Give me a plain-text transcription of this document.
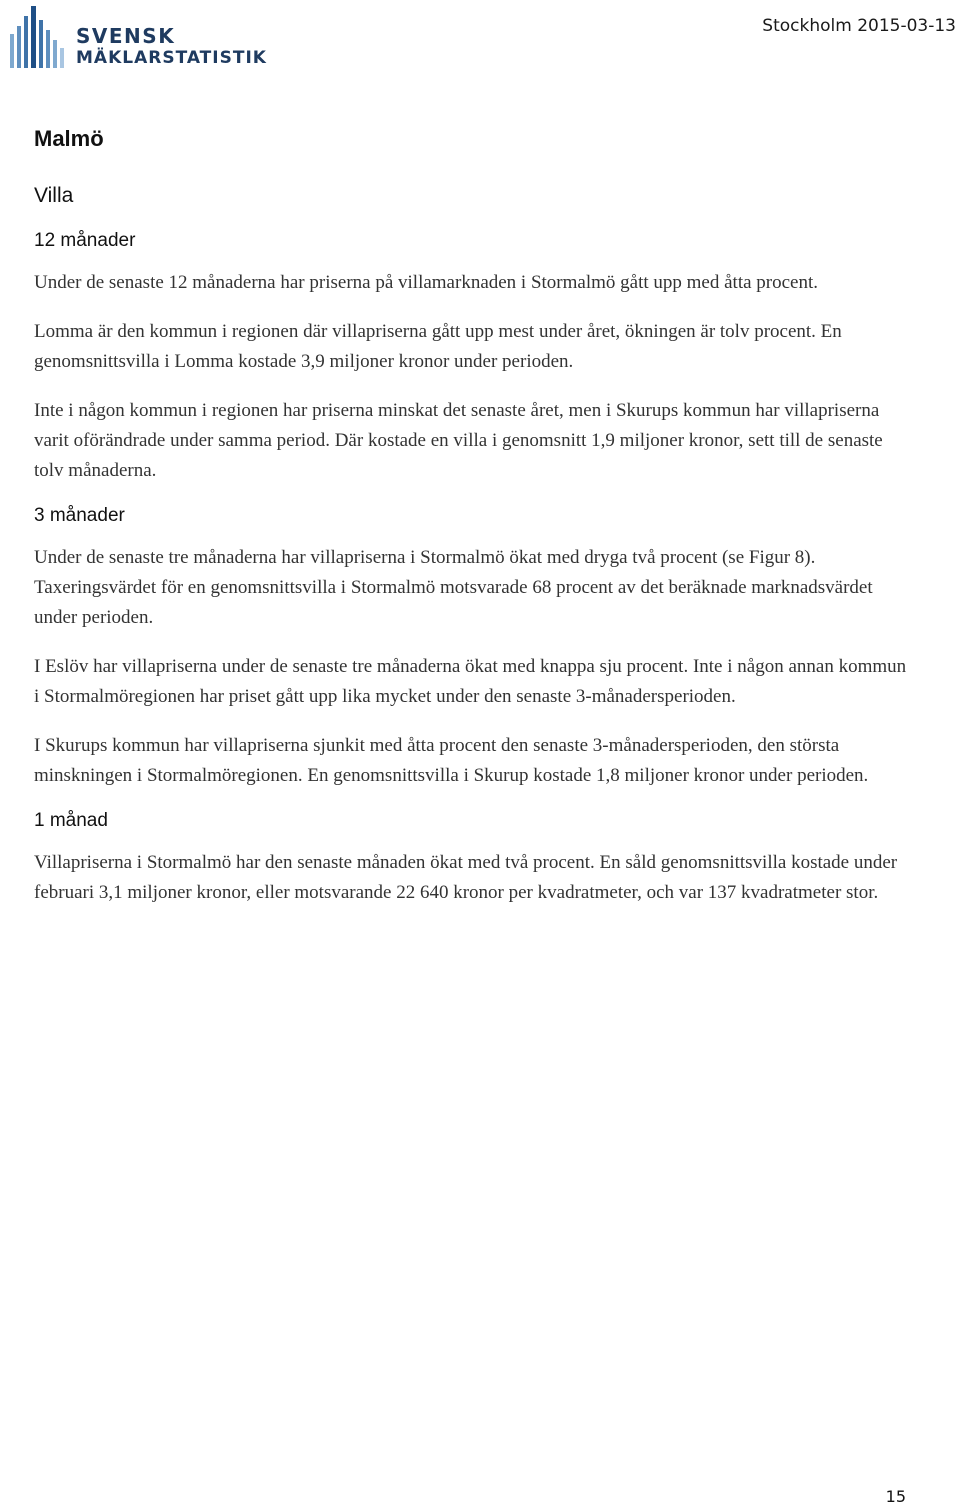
SVENSK
MÄKLARSTATISTIK
Stockholm 2015-03-13
Malmö
Villa
12 månader

Under de senaste 12 månaderna har priserna på villamarknaden i Stormalmö gått upp med åtta procent.

Lomma är den kommun i regionen där villapriserna gått upp mest under året, ökningen är tolv procent. En genomsnittsvilla i Lomma kostade 3,9 miljoner kronor under perioden.

Inte i någon kommun i regionen har priserna minskat det senaste året, men i Skurups kommun har villapriserna varit oförändrade under samma period. Där kostade en villa i genomsnitt 1,9 miljoner kronor, sett till de senaste tolv månaderna.

3 månader

Under de senaste tre månaderna har villapriserna i Stormalmö ökat med dryga två procent (se Figur 8). Taxeringsvärdet för en genomsnittsvilla i Stormalmö motsvarade 68 procent av det beräknade marknadsvärdet under perioden.

I Eslöv har villapriserna under de senaste tre månaderna ökat med knappa sju procent. Inte i någon annan kommun i Stormalmöregionen har priset gått upp lika mycket under den senaste 3-månadersperioden.

I Skurups kommun har villapriserna sjunkit med åtta procent den senaste 3-månadersperioden, den största minskningen i Stormalmöregionen. En genomsnittsvilla i Skurup kostade 1,8 miljoner kronor under perioden.

1 månad

Villapriserna i Stormalmö har den senaste månaden ökat med två procent. En såld genomsnittsvilla kostade under februari 3,1 miljoner kronor, eller motsvarande 22 640 kronor per kvadratmeter, och var 137 kvadratmeter stor.

15
